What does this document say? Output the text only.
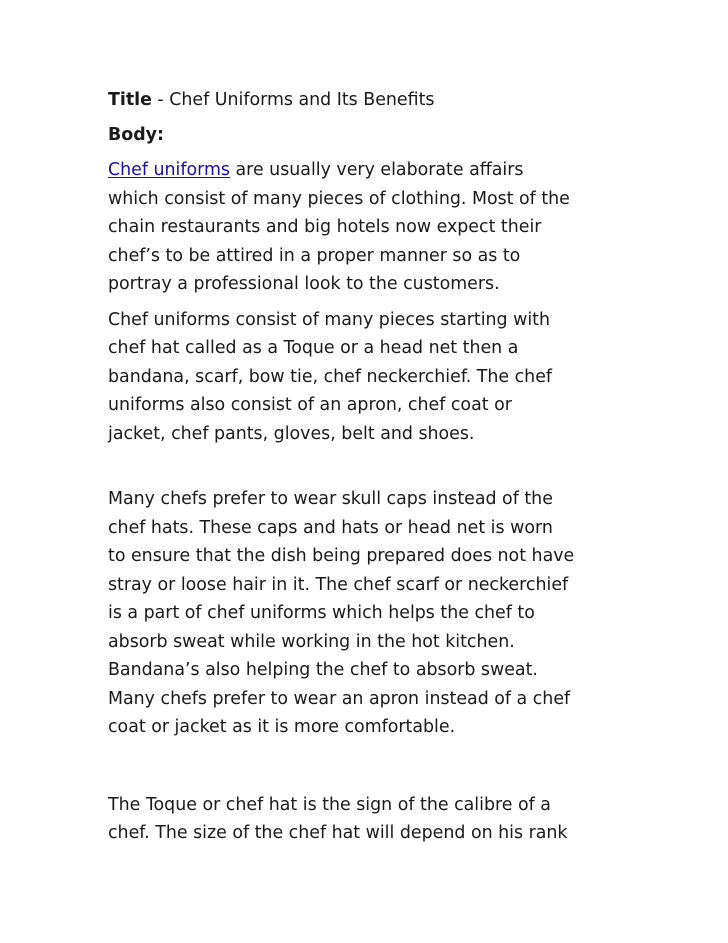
Title - Chef Uniforms and Its Benefits

Body:

Chef uniforms are usually very elaborate affairs
which consist of many pieces of clothing. Most of the
chain restaurants and big hotels now expect their
chef’s to be attired in a proper manner so as to
portray a professional look to the customers.

Chef uniforms consist of many pieces starting with
chef hat called as a Toque or a head net then a
bandana, scarf, bow tie, chef neckerchief. The chef
uniforms also consist of an apron, chef coat or
jacket, chef pants, gloves, belt and shoes.

Many chefs prefer to wear skull caps instead of the
chef hats. These caps and hats or head net is worn
to ensure that the dish being prepared does not have
stray or loose hair in it. The chef scarf or neckerchief
is a part of chef uniforms which helps the chef to
absorb sweat while working in the hot kitchen.
Bandana’s also helping the chef to absorb sweat.
Many chefs prefer to wear an apron instead of a chef
coat or jacket as it is more comfortable.

The Toque or chef hat is the sign of the calibre of a
chef. The size of the chef hat will depend on his rank
